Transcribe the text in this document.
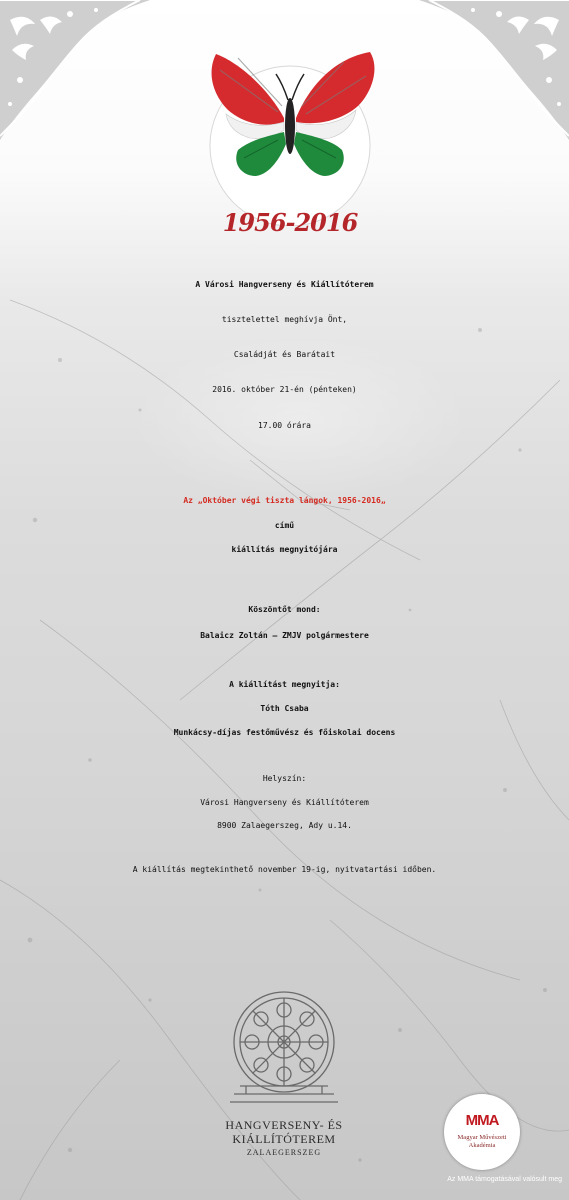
1956-2016
A Városi Hangverseny és Kiállítóterem
tisztelettel meghívja Önt,
Családját és Barátait
2016. október 21-én (pénteken)
17.00 órára
Az „Október végi tiszta lángok, 1956-2016„
című
kiállítás megnyitójára
Köszöntőt mond:
Balaicz Zoltán – ZMJV polgármestere
A kiállítást megnyitja:
Tóth Csaba
Munkácsy-díjas festőművész és főiskolai docens
Helyszín:
Városi Hangverseny és Kiállítóterem
8900 Zalaegerszeg, Ady u.14.
A kiállítás megtekinthető november 19-ig, nyitvatartási időben.
HANGVERSENY- ÉS
KIÁLLÍTÓTEREM
ZALAEGERSZEG
MMA
Magyar Művészeti
Akadémia
Az MMA támogatásával valósult meg
